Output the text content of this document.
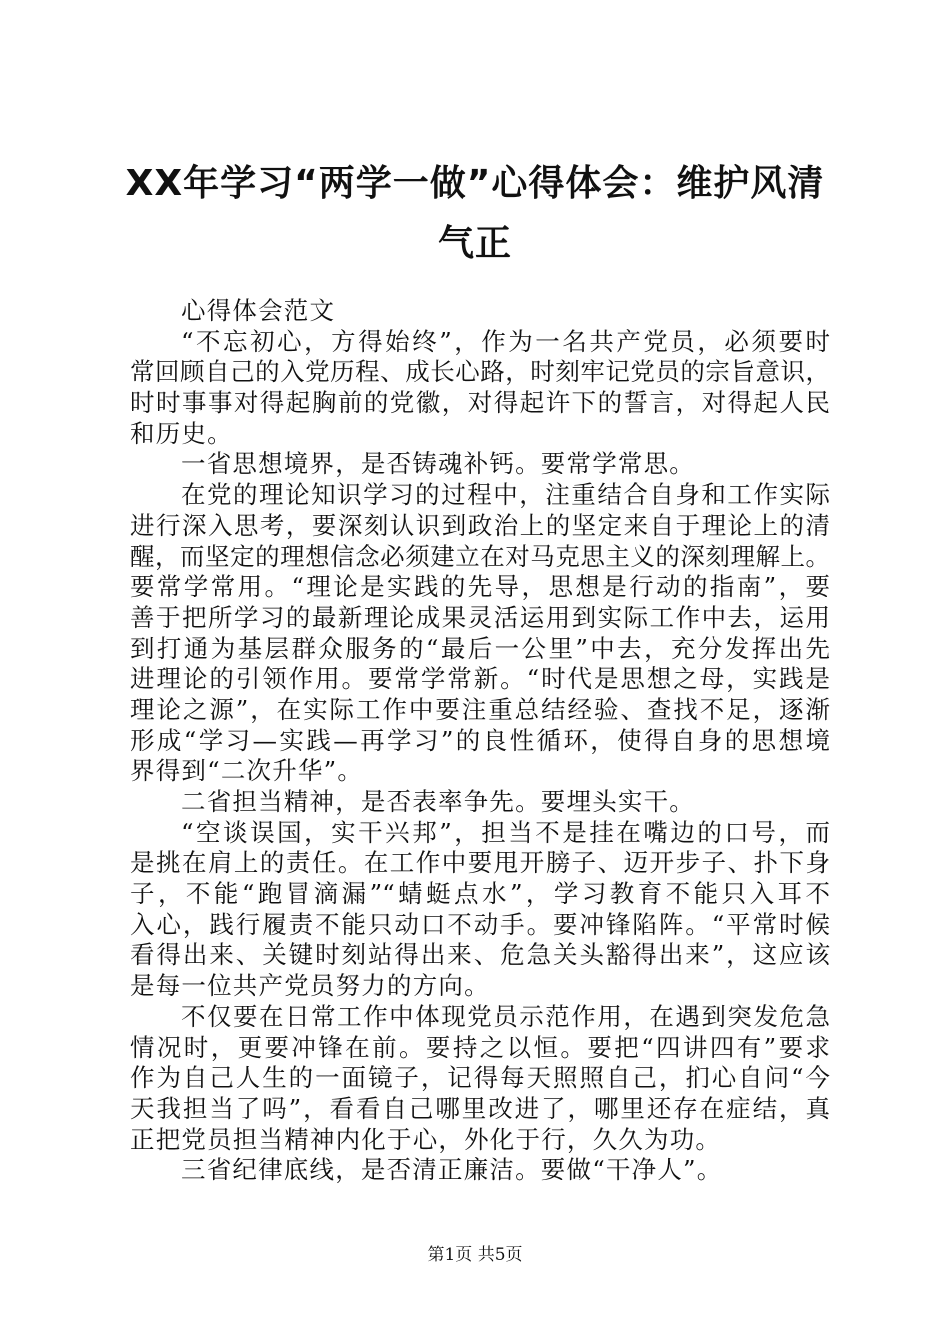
XX年学习“两学一做”心得体会：维护风清
气正
心得体会范文
“不忘初心，方得始终”，作为一名共产党员，必须要时
常回顾自己的入党历程、成长心路，时刻牢记党员的宗旨意识，
时时事事对得起胸前的党徽，对得起许下的誓言，对得起人民
和历史。
一省思想境界，是否铸魂补钙。要常学常思。
在党的理论知识学习的过程中，注重结合自身和工作实际
进行深入思考，要深刻认识到政治上的坚定来自于理论上的清
醒，而坚定的理想信念必须建立在对马克思主义的深刻理解上。
要常学常用。“理论是实践的先导，思想是行动的指南”，要
善于把所学习的最新理论成果灵活运用到实际工作中去，运用
到打通为基层群众服务的“最后一公里”中去，充分发挥出先
进理论的引领作用。要常学常新。“时代是思想之母，实践是
理论之源”，在实际工作中要注重总结经验、查找不足，逐渐
形成“学习—实践—再学习”的良性循环，使得自身的思想境
界得到“二次升华”。
二省担当精神，是否表率争先。要埋头实干。
“空谈误国，实干兴邦”，担当不是挂在嘴边的口号，而
是挑在肩上的责任。在工作中要甩开膀子、迈开步子、扑下身
子，不能“跑冒滴漏”“蜻蜓点水”，学习教育不能只入耳不
入心，践行履责不能只动口不动手。要冲锋陷阵。“平常时候
看得出来、关键时刻站得出来、危急关头豁得出来”，这应该
是每一位共产党员努力的方向。
不仅要在日常工作中体现党员示范作用，在遇到突发危急
情况时，更要冲锋在前。要持之以恒。要把“四讲四有”要求
作为自己人生的一面镜子，记得每天照照自己，扪心自问“今
天我担当了吗”，看看自己哪里改进了，哪里还存在症结，真
正把党员担当精神内化于心，外化于行，久久为功。
三省纪律底线，是否清正廉洁。要做“干净人”。
第1页 共5页
